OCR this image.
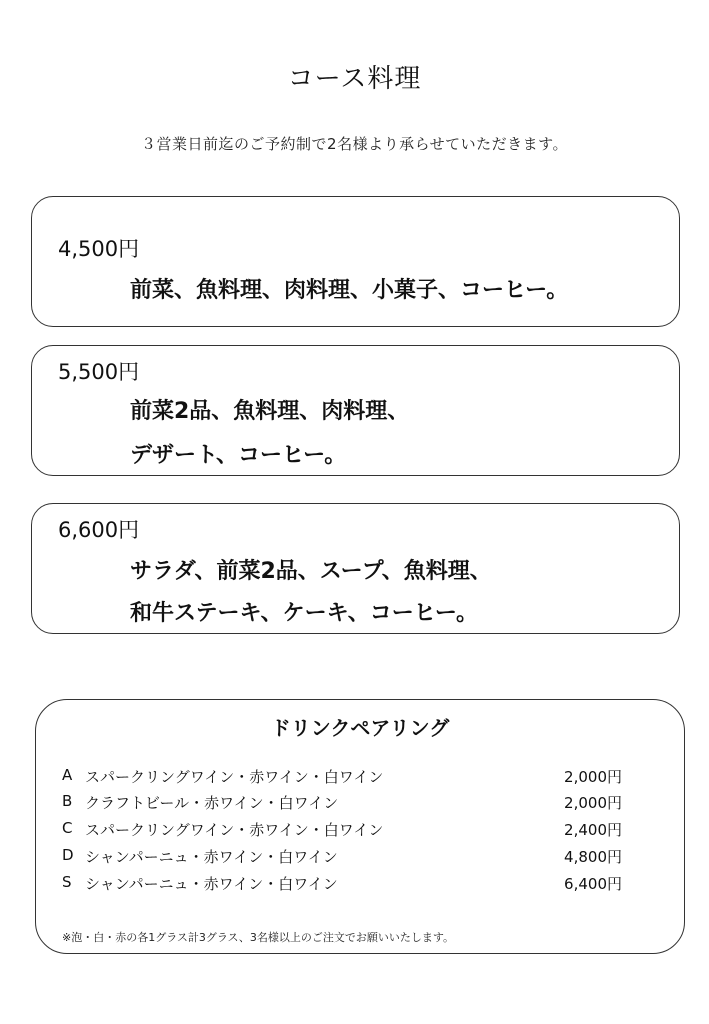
コース料理
３営業日前迄のご予約制で2名様より承らせていただきます。
4,500円
前菜、魚料理、肉料理、小菓子、コーヒー。
5,500円
前菜2品、魚料理、肉料理、
デザート、コーヒー。
6,600円
サラダ、前菜2品、スープ、魚料理、
和牛ステーキ、ケーキ、コーヒー。
ドリンクペアリング
A スパークリングワイン・赤ワイン・白ワイン	2,000円
B クラフトビール・赤ワイン・白ワイン	2,000円
C スパークリングワイン・赤ワイン・白ワイン	2,400円
D シャンパーニュ・赤ワイン・白ワイン	4,800円
S シャンパーニュ・赤ワイン・白ワイン	6,400円
※泡・白・赤の各1グラス計3グラス、3名様以上のご注文でお願いいたします。
